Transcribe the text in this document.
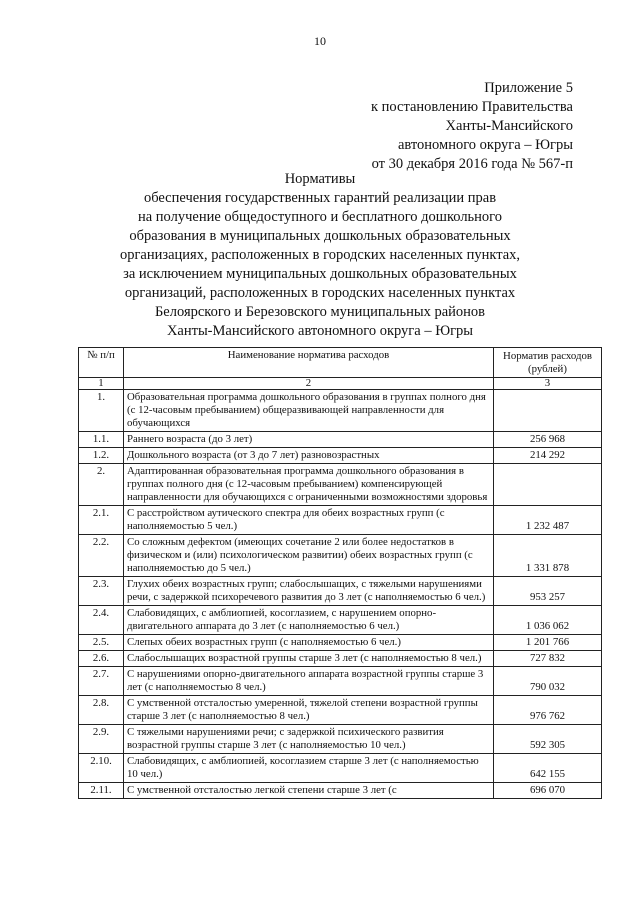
10
Приложение 5
к постановлению Правительства
Ханты-Мансийского
автономного округа – Югры
от 30 декабря 2016 года № 567-п
Нормативы
обеспечения государственных гарантий реализации прав
на получение общедоступного и бесплатного дошкольного
образования в муниципальных дошкольных образовательных
организациях, расположенных в городских населенных пунктах,
за исключением муниципальных дошкольных образовательных
организаций, расположенных в городских населенных пунктах
Белоярского и Березовского муниципальных районов
Ханты-Мансийского автономного округа – Югры
№ п/п	Наименование норматива расходов	Норматив расходов (рублей)
1	2	3
1.	Образовательная программа дошкольного образования в группах полного дня (с 12-часовым пребыванием) общеразвивающей направленности для обучающихся	
1.1.	Раннего возраста (до 3 лет)	256 968
1.2.	Дошкольного возраста (от 3 до 7 лет) разновозрастных	214 292
2.	Адаптированная образовательная программа дошкольного образования в группах полного дня (с 12-часовым пребыванием) компенсирующей направленности для обучающихся с ограниченными возможностями здоровья	
2.1.	С расстройством аутического спектра для обеих возрастных групп (с наполняемостью 5 чел.)	1 232 487
2.2.	Со сложным дефектом (имеющих сочетание 2 или более недостатков в физическом и (или) психологическом развитии) обеих возрастных групп (с наполняемостью до 5 чел.)	1 331 878
2.3.	Глухих обеих возрастных групп; слабослышащих, с тяжелыми нарушениями речи, с задержкой психоречевого развития до 3 лет (с наполняемостью 6 чел.)	953 257
2.4.	Слабовидящих, с амблиопией, косоглазием, с нарушением опорно-двигательного аппарата до 3 лет (с наполняемостью 6 чел.)	1 036 062
2.5.	Слепых обеих возрастных групп (с наполняемостью 6 чел.)	1 201 766
2.6.	Слабослышащих возрастной группы старше 3 лет (с наполняемостью 8 чел.)	727 832
2.7.	С нарушениями опорно-двигательного аппарата возрастной группы старше 3 лет (с наполняемостью 8 чел.)	790 032
2.8.	С умственной отсталостью умеренной, тяжелой степени возрастной группы старше 3 лет (с наполняемостью 8 чел.)	976 762
2.9.	С тяжелыми нарушениями речи; с задержкой психического развития возрастной группы старше 3 лет (с наполняемостью 10 чел.)	592 305
2.10.	Слабовидящих, с амблиопией, косоглазием старше 3 лет (с наполняемостью 10 чел.)	642 155
2.11.	С умственной отсталостью легкой степени старше 3 лет (с	696 070
